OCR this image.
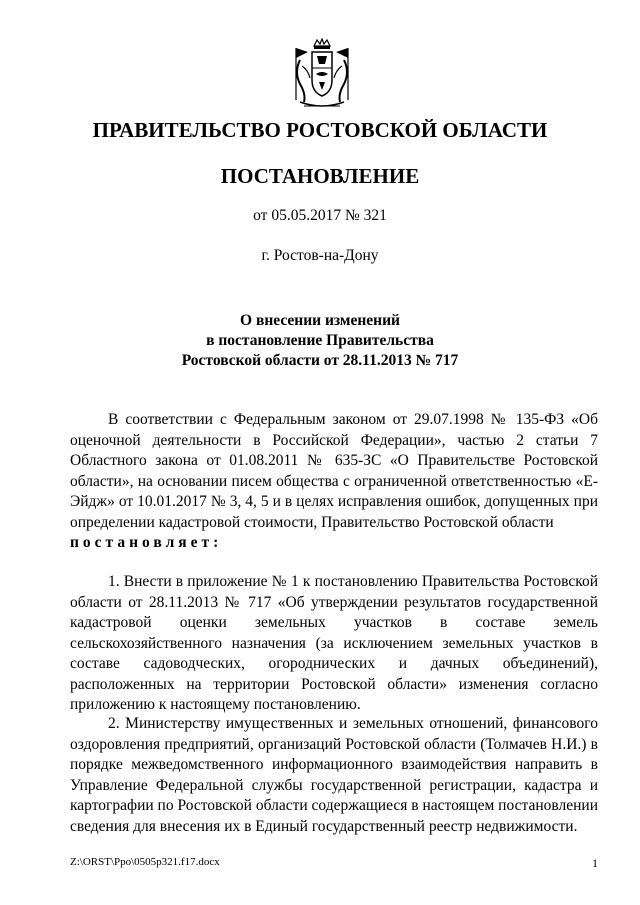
ПРАВИТЕЛЬСТВО РОСТОВСКОЙ ОБЛАСТИ
ПОСТАНОВЛЕНИЕ
от 05.05.2017 № 321
г. Ростов-на-Дону
О внесении изменений
в постановление Правительства
Ростовской области от 28.11.2013 № 717
В соответствии с Федеральным законом от 29.07.1998 № 135-ФЗ «Об оценочной деятельности в Российской Федерации», частью 2 статьи 7 Областного закона от 01.08.2011 № 635-ЗС «О Правительстве Ростовской области», на основании писем общества с ограниченной ответственностью «Е-Эйдж» от 10.01.2017 № 3, 4, 5 и в целях исправления ошибок, допущенных при определении кадастровой стоимости, Правительство Ростовской области
постановляет:
1. Внести в приложение № 1 к постановлению Правительства Ростовской области от 28.11.2013 № 717 «Об утверждении результатов государственной кадастровой оценки земельных участков в составе земель сельскохозяйственного назначения (за исключением земельных участков в составе садоводческих, огороднических и дачных объединений), расположенных на территории Ростовской области» изменения согласно приложению к настоящему постановлению.
2. Министерству имущественных и земельных отношений, финансового оздоровления предприятий, организаций Ростовской области (Толмачев Н.И.) в порядке межведомственного информационного взаимодействия направить в Управление Федеральной службы государственной регистрации, кадастра и картографии по Ростовской области содержащиеся в настоящем постановлении сведения для внесения их в Единый государственный реестр недвижимости.
Z:\ORST\Ppo\0505p321.f17.docx	1
